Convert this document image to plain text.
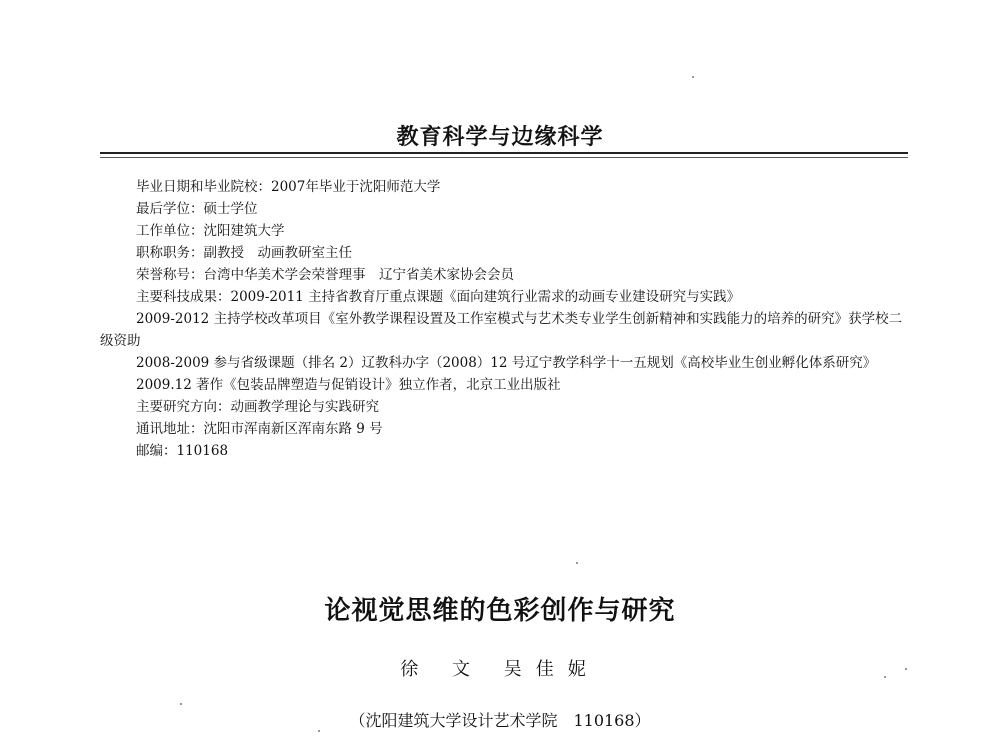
教育科学与边缘科学

毕业日期和毕业院校：2007年毕业于沈阳师范大学

最后学位：硕士学位

工作单位：沈阳建筑大学

职称职务：副教授　动画教研室主任

荣誉称号：台湾中华美术学会荣誉理事　辽宁省美术家协会会员

主要科技成果：2009-2011 主持省教育厅重点课题《面向建筑行业需求的动画专业建设研究与实践》

2009-2012 主持学校改革项目《室外教学课程设置及工作室模式与艺术类专业学生创新精神和实践能力的培养的研究》获学校二级资助

2008-2009 参与省级课题（排名 2）辽教科办字（2008）12 号辽宁教学科学十一五规划《高校毕业生创业孵化体系研究》

2009.12 著作《包装品牌塑造与促销设计》独立作者，北京工业出版社

主要研究方向：动画教学理论与实践研究

通讯地址：沈阳市浑南新区浑南东路 9 号

邮编：110168

论视觉思维的色彩创作与研究
徐 文 吴佳妮
（沈阳建筑大学设计艺术学院　110168）
